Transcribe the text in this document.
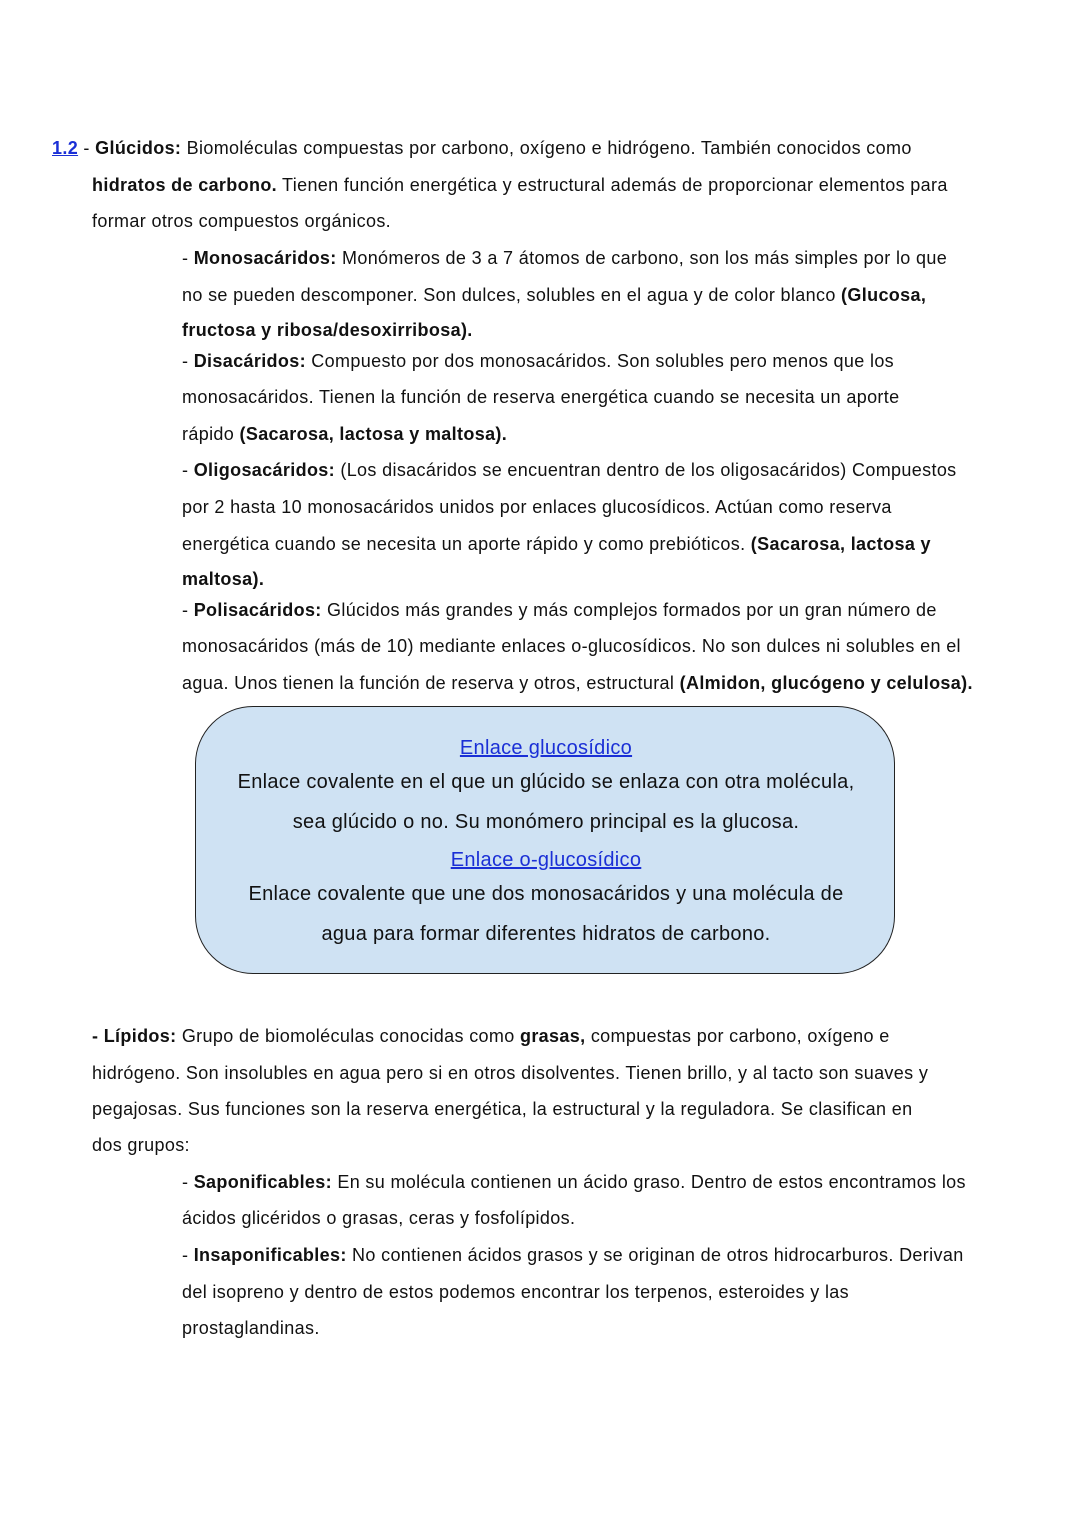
1.2 - Glúcidos: Biomoléculas compuestas por carbono, oxígeno e hidrógeno. También conocidos como
hidratos de carbono. Tienen función energética y estructural además de proporcionar elementos para
formar otros compuestos orgánicos.
- Monosacáridos: Monómeros de 3 a 7 átomos de carbono, son los más simples por lo que
no se pueden descomponer. Son dulces, solubles en el agua y de color blanco (Glucosa,
fructosa y ribosa/desoxirribosa).
- Disacáridos: Compuesto por dos monosacáridos. Son solubles pero menos que los
monosacáridos. Tienen la función de reserva energética cuando se necesita un aporte
rápido (Sacarosa, lactosa y maltosa).
- Oligosacáridos: (Los disacáridos se encuentran dentro de los oligosacáridos) Compuestos
por 2 hasta 10 monosacáridos unidos por enlaces glucosídicos. Actúan como reserva
energética cuando se necesita un aporte rápido y como prebióticos. (Sacarosa, lactosa y
maltosa).
- Polisacáridos: Glúcidos más grandes y más complejos formados por un gran número de
monosacáridos (más de 10) mediante enlaces o-glucosídicos. No son dulces ni solubles en el
agua. Unos tienen la función de reserva y otros, estructural (Almidon, glucógeno y celulosa).
- Lípidos: Grupo de biomoléculas conocidas como grasas, compuestas por carbono, oxígeno e
hidrógeno. Son insolubles en agua pero si en otros disolventes. Tienen brillo, y al tacto son suaves y
pegajosas. Sus funciones son la reserva energética, la estructural y la reguladora. Se clasifican en
dos grupos:
- Saponificables: En su molécula contienen un ácido graso. Dentro de estos encontramos los
ácidos glicéridos o grasas, ceras y fosfolípidos.
- Insaponificables: No contienen ácidos grasos y se originan de otros hidrocarburos. Derivan
del isopreno y dentro de estos podemos encontrar los terpenos, esteroides y las
prostaglandinas.
Enlace glucosídico
Enlace covalente en el que un glúcido se enlaza con otra molécula,
sea glúcido o no. Su monómero principal es la glucosa.
Enlace o-glucosídico
Enlace covalente que une dos monosacáridos y una molécula de
agua para formar diferentes hidratos de carbono.
